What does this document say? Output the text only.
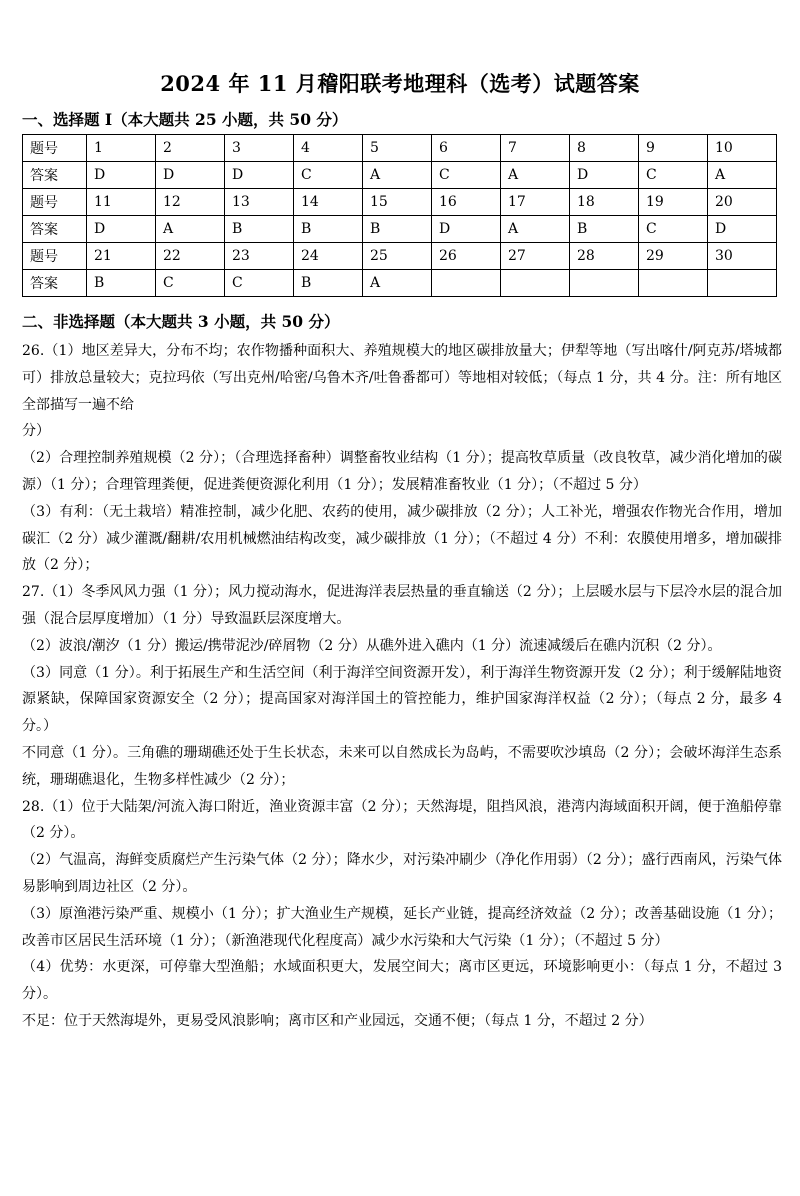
2024 年 11 月稽阳联考地理科（选考）试题答案
一、选择题 I（本大题共 25 小题，共 50 分）
题号	1	2	3	4	5	6	7	8	9	10
答案	D	D	D	C	A	C	A	D	C	A
题号	11	12	13	14	15	16	17	18	19	20
答案	D	A	B	B	B	D	A	B	C	D
题号	21	22	23	24	25	26	27	28	29	30
答案	B	C	C	B	A					
二、非选择题（本大题共 3 小题，共 50 分）

26.（1）地区差异大，分布不均；农作物播种面积大、养殖规模大的地区碳排放量大；伊犁等地（写出喀什/阿克苏/塔城都可）排放总量较大；克拉玛依（写出克州/哈密/乌鲁木齐/吐鲁番都可）等地相对较低；（每点 1 分，共 4 分。注：所有地区全部描写一遍不给

分）

（2）合理控制养殖规模（2 分）；（合理选择畜种）调整畜牧业结构（1 分）；提高牧草质量（改良牧草，减少消化增加的碳源）（1 分）；合理管理粪便，促进粪便资源化利用（1 分）；发展精准畜牧业（1 分）；（不超过 5 分）

（3）有利：（无土栽培）精准控制，减少化肥、农药的使用，减少碳排放（2 分）；人工补光，增强农作物光合作用，增加碳汇（2 分）减少灌溉/翻耕/农用机械燃油结构改变，减少碳排放（1 分）；（不超过 4 分）不利：农膜使用增多，增加碳排放（2 分）；

27.（1）冬季风风力强（1 分）；风力搅动海水，促进海洋表层热量的垂直输送（2 分）；上层暖水层与下层冷水层的混合加强（混合层厚度增加）（1 分）导致温跃层深度增大。

（2）波浪/潮汐（1 分）搬运/携带泥沙/碎屑物（2 分）从礁外进入礁内（1 分）流速减缓后在礁内沉积（2 分）。

（3）同意（1 分）。利于拓展生产和生活空间（利于海洋空间资源开发），利于海洋生物资源开发（2 分）；利于缓解陆地资源紧缺，保障国家资源安全（2 分）；提高国家对海洋国土的管控能力，维护国家海洋权益（2 分）；（每点 2 分，最多 4 分。）

不同意（1 分）。三角礁的珊瑚礁还处于生长状态，未来可以自然成长为岛屿，不需要吹沙填岛（2 分）；会破坏海洋生态系统，珊瑚礁退化，生物多样性减少（2 分）；

28.（1）位于大陆架/河流入海口附近，渔业资源丰富（2 分）；天然海堤，阻挡风浪，港湾内海域面积开阔，便于渔船停靠（2 分）。

（2）气温高，海鲜变质腐烂产生污染气体（2 分）；降水少，对污染冲刷少（净化作用弱）（2 分）；盛行西南风，污染气体易影响到周边社区（2 分）。

（3）原渔港污染严重、规模小（1 分）；扩大渔业生产规模，延长产业链，提高经济效益（2 分）；改善基础设施（1 分）；改善市区居民生活环境（1 分）；（新渔港现代化程度高）减少水污染和大气污染（1 分）；（不超过 5 分）

（4）优势：水更深，可停靠大型渔船；水域面积更大，发展空间大；离市区更远，环境影响更小：（每点 1 分，不超过 3 分）。

不足：位于天然海堤外，更易受风浪影响；离市区和产业园远，交通不便；（每点 1 分，不超过 2 分）
